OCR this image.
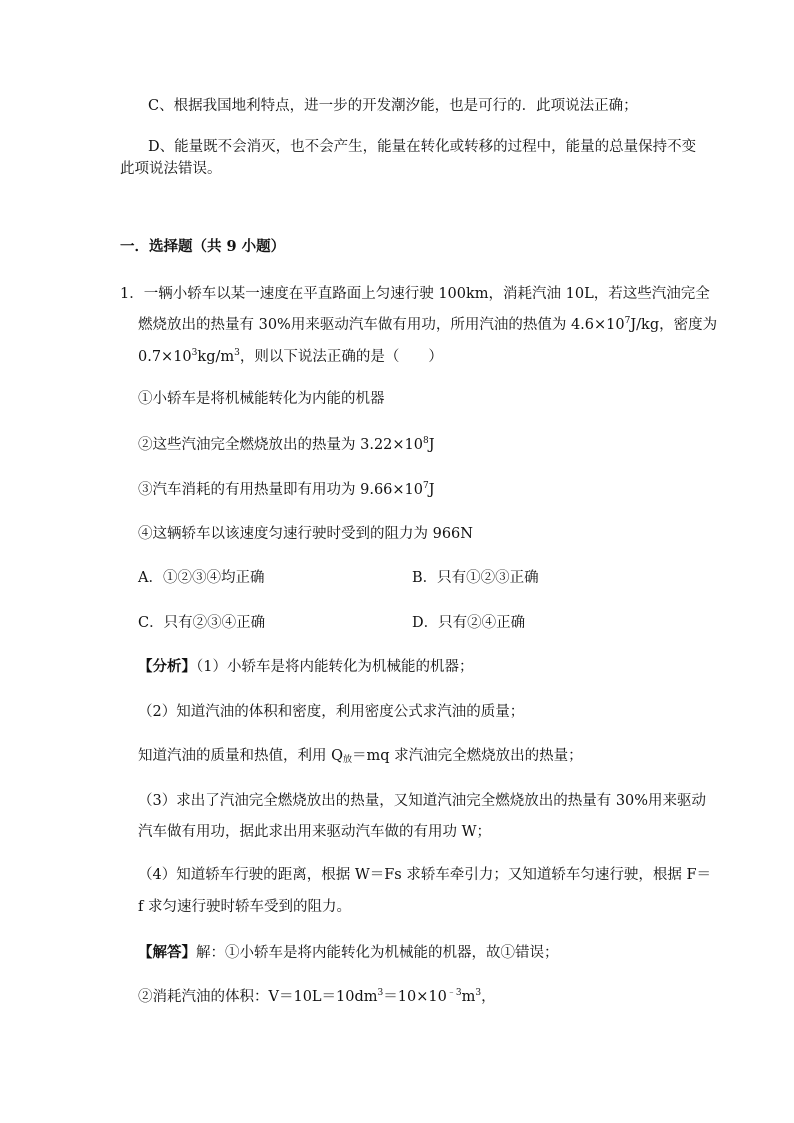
C、根据我国地利特点，进一步的开发潮汐能，也是可行的．此项说法正确；
D、能量既不会消灭，也不会产生，能量在转化或转移的过程中，能量的总量保持不变
此项说法错误。
一．选择题（共 9 小题）
1．一辆小轿车以某一速度在平直路面上匀速行驶 100km，消耗汽油 10L，若这些汽油完全
燃烧放出的热量有 30%用来驱动汽车做有用功，所用汽油的热值为 $4.6\times 10^7J/kg$，密度为
$0.7\times 10^3kg/m^3$，则以下说法正确的是（　　）
①小轿车是将机械能转化为内能的机器
②这些汽油完全燃烧放出的热量为 $3.22\times 10^8J$
③汽车消耗的有用热量即有用功为 $9.66\times 10^7J$
④这辆轿车以该速度匀速行驶时受到的阻力为 966N
A．①②③④均正确	B．只有①②③正确
C．只有②③④正确	D．只有②④正确
【分析】（1）小轿车是将内能转化为机械能的机器；
（2）知道汽油的体积和密度，利用密度公式求汽油的质量；
知道汽油的质量和热值，利用 $Q_放=mq$ 求汽油完全燃烧放出的热量；
（3）求出了汽油完全燃烧放出的热量，又知道汽油完全燃烧放出的热量有 30%用来驱动
汽车做有用功，据此求出用来驱动汽车做的有用功 W；
（4）知道轿车行驶的距离，根据 W＝Fs 求轿车牵引力；又知道轿车匀速行驶，根据 F＝
f 求匀速行驶时轿车受到的阻力。
【解答】解：①小轿车是将内能转化为机械能的机器，故①错误；
②消耗汽油的体积：$V=10L=10dm^3=10\times 10^{﹣3}m^3$，
